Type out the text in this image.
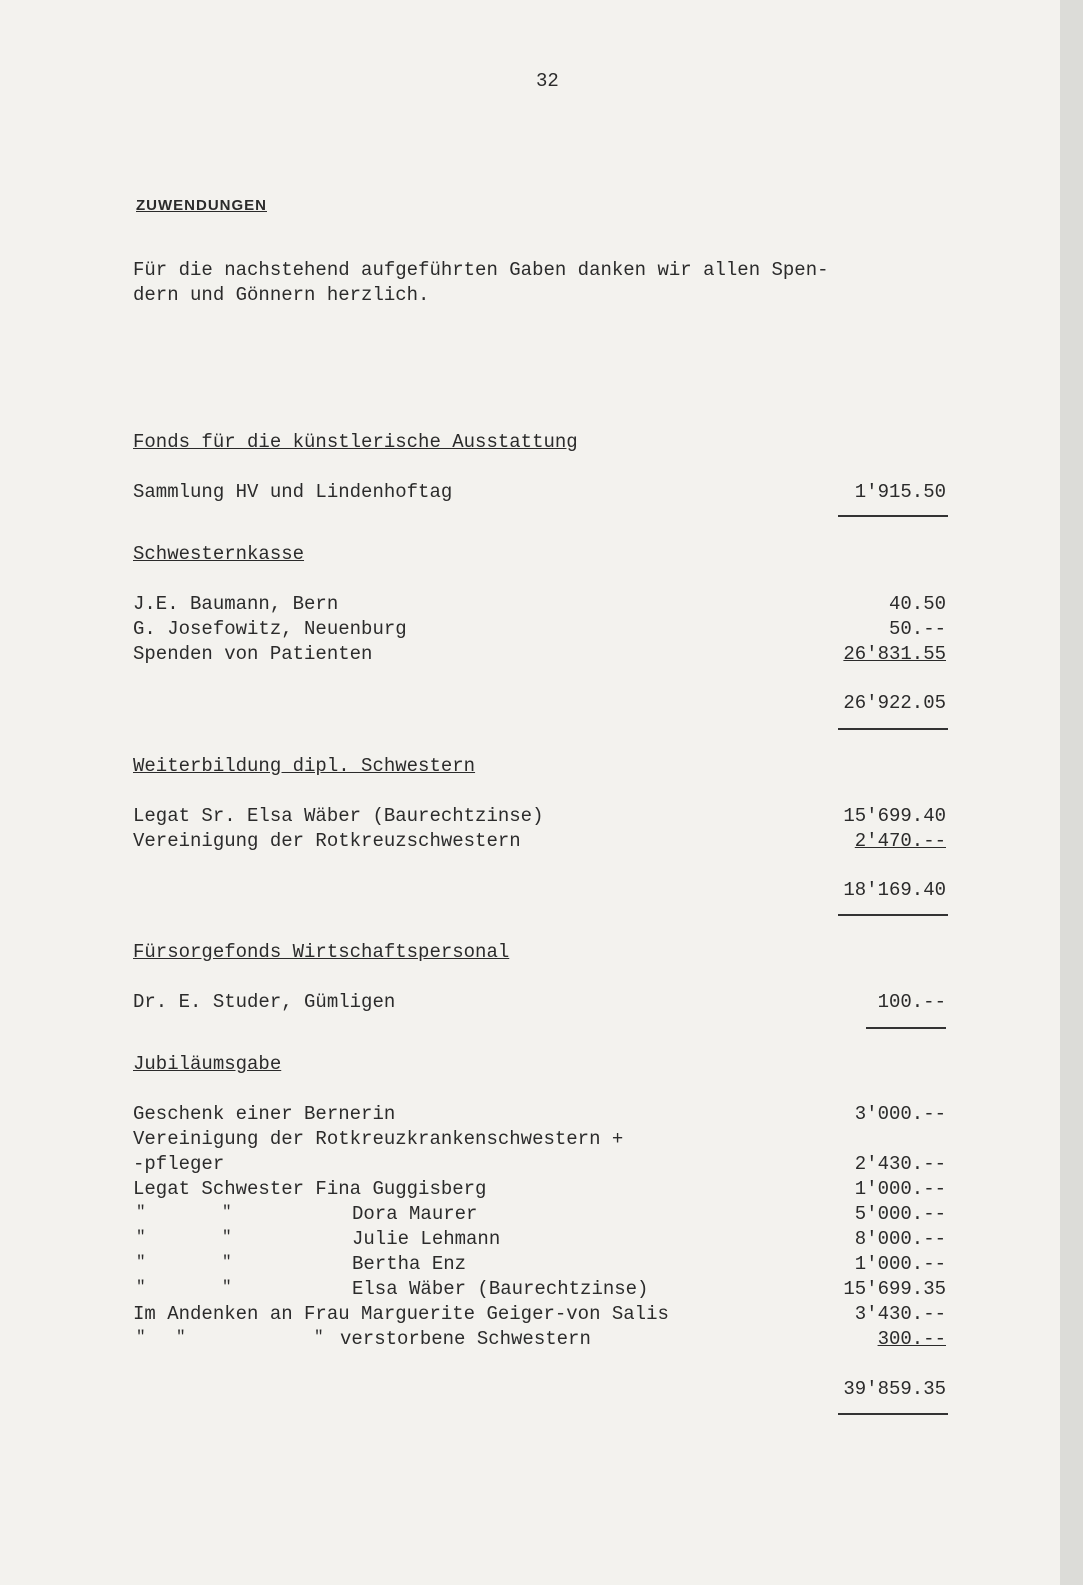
32
ZUWENDUNGEN
Für die nachstehend aufgeführten Gaben danken wir allen Spen-
dern und Gönnern herzlich.
Fonds für die künstlerische Ausstattung
Sammlung HV und Lindenhoftag	1'915.50
Schwesternkasse
J.E. Baumann, Bern	40.50
G. Josefowitz, Neuenburg	50.--
Spenden von Patienten	26'831.55
26'922.05
Weiterbildung dipl. Schwestern
Legat Sr. Elsa Wäber (Baurechtzinse)	15'699.40
Vereinigung der Rotkreuzschwestern	2'470.--
18'169.40
Fürsorgefonds Wirtschaftspersonal
Dr. E. Studer, Gümligen	100.--
Jubiläumsgabe
Geschenk einer Bernerin	3'000.--
Vereinigung der Rotkreuzkrankenschwestern +
-pfleger	2'430.--
Legat Schwester Fina Guggisberg	1'000.--
"	"	Dora Maurer	5'000.--
"	"	Julie Lehmann	8'000.--
"	"	Bertha Enz	1'000.--
"	"	Elsa Wäber (Baurechtzinse)	15'699.35
Im Andenken an Frau Marguerite Geiger-von Salis	3'430.--
" "	" verstorbene Schwestern	300.--
39'859.35
